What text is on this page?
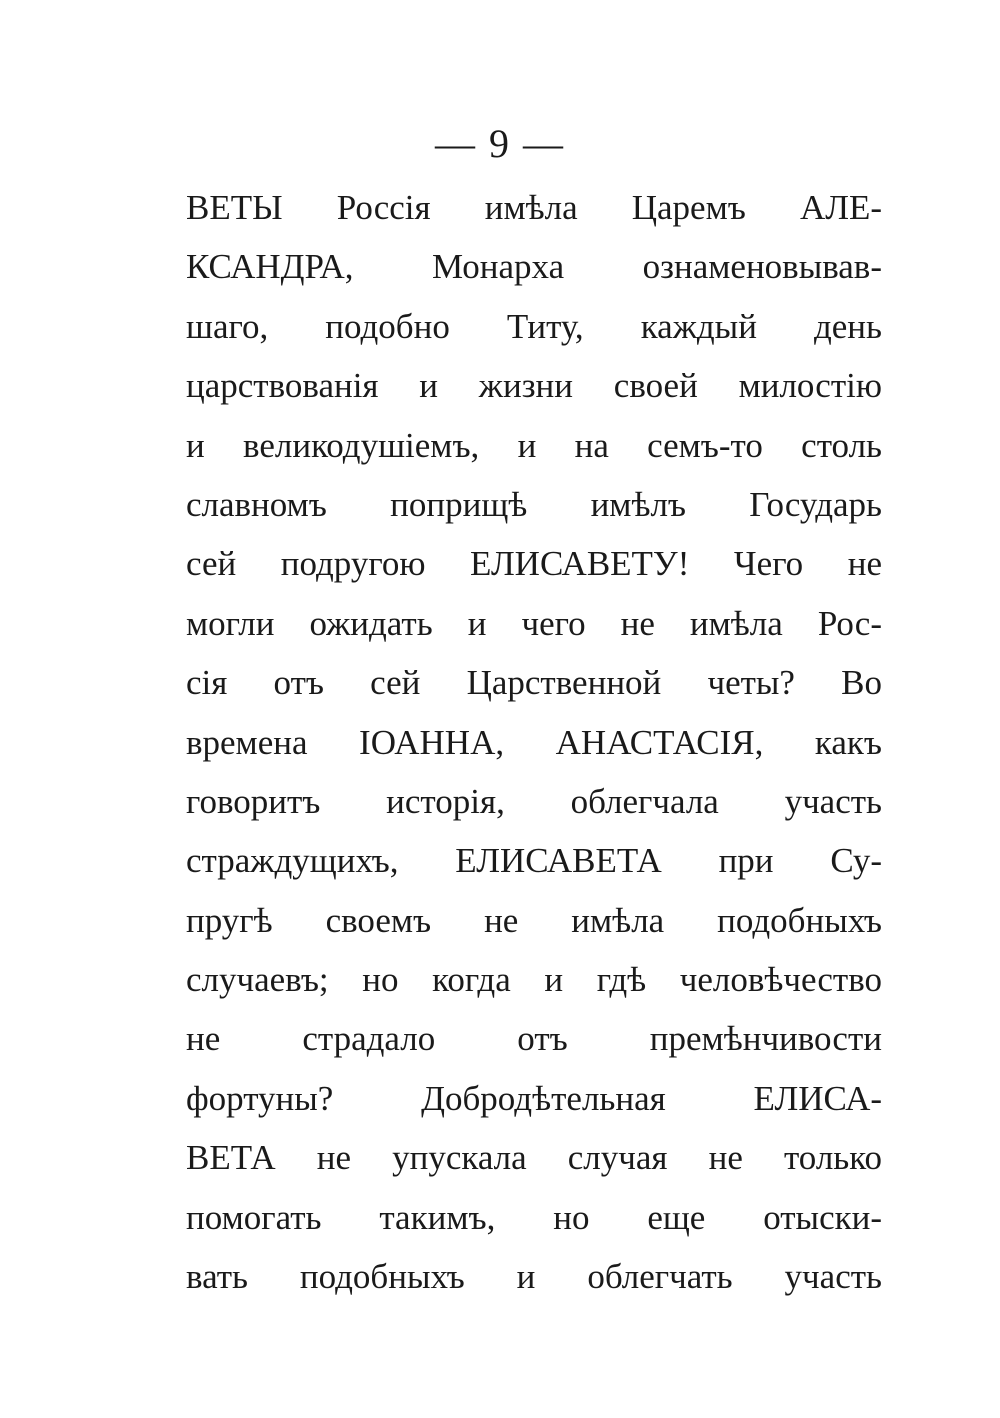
— 9 —
ВЕТЫ Россія имѣла Царемъ АЛЕ-
КСАНДРА, Монарха ознаменовывав-
шаго, подобно Титу, каждый день
царствованія и жизни своей милостію
и великодушіемъ, и на семъ-то столь
славномъ поприщѣ имѣлъ Государь
сей подругою ЕЛИСАВЕТУ! Чего не
могли ожидать и чего не имѣла Рос-
сія отъ сей Царственной четы? Во
времена ІОАННА, АНАСТАСІЯ, какъ
говоритъ исторія, облегчала участь
страждущихъ, ЕЛИСАВЕТА при Су-
пругѣ своемъ не имѣла подобныхъ
случаевъ; но когда и гдѣ человѣчество
не страдало отъ премѣнчивости
фортуны? Добродѣтельная ЕЛИСА-
ВЕТА не упускала случая не только
помогать такимъ, но еще отыски-
вать подобныхъ и облегчать участь
